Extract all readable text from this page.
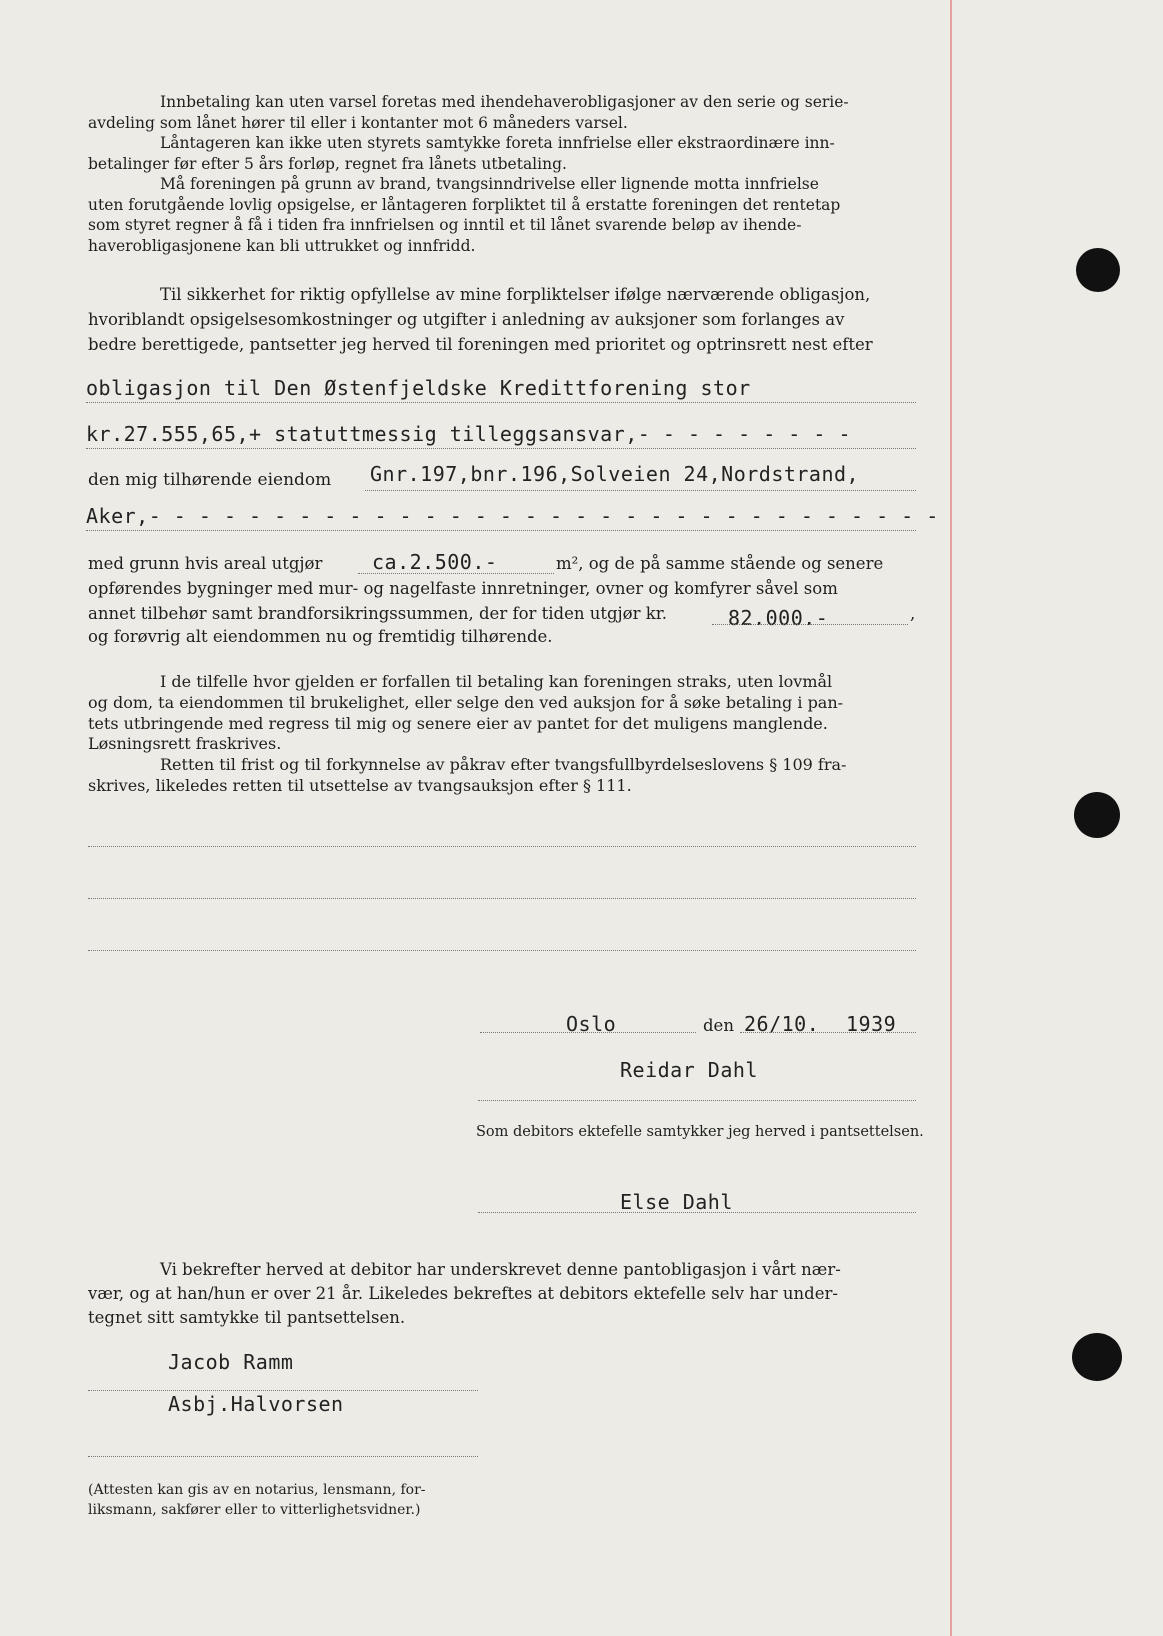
Innbetaling kan uten varsel foretas med ihendehaverobligasjoner av den serie og serie-
avdeling som lånet hører til eller i kontanter mot 6 måneders varsel.
Låntageren kan ikke uten styrets samtykke foreta innfrielse eller ekstraordinære inn-
betalinger før efter 5 års forløp, regnet fra lånets utbetaling.
Må foreningen på grunn av brand, tvangsinndrivelse eller lignende motta innfrielse
uten forutgående lovlig opsigelse, er låntageren forpliktet til å erstatte foreningen det rentetap
som styret regner å få i tiden fra innfrielsen og inntil et til lånet svarende beløp av ihende-
haverobligasjonene kan bli uttrukket og innfridd.
Til sikkerhet for riktig opfyllelse av mine forpliktelser ifølge nærværende obligasjon,
hvoriblandt opsigelsesomkostninger og utgifter i anledning av auksjoner som forlanges av
bedre berettigede, pantsetter jeg herved til foreningen med prioritet og optrinsrett nest efter
obligasjon til Den Østenfjeldske Kredittforening stor
kr.27.555,65,+ statuttmessig tilleggsansvar,- - - - - - - - -
den mig tilhørende eiendom Gnr.197,bnr.196,Solveien 24,Nordstrand,
Aker,- - - - - - - - - - - - - - - - - - - - - - - - - - - - - - - -
med grunn hvis areal utgjør ca.2.500.-	m², og de på samme stående og senere
opførendes bygninger med mur- og nagelfaste innretninger, ovner og komfyrer såvel som
annet tilbehør samt brandforsikringssummen, der for tiden utgjør kr.	82.000.-	,
og forøvrig alt eiendommen nu og fremtidig tilhørende.
I de tilfelle hvor gjelden er forfallen til betaling kan foreningen straks, uten lovmål
og dom, ta eiendommen til brukelighet, eller selge den ved auksjon for å søke betaling i pan-
tets utbringende med regress til mig og senere eier av pantet for det muligens manglende.
Løsningsrett fraskrives.
Retten til frist og til forkynnelse av påkrav efter tvangsfullbyrdelseslovens § 109 fra-
skrives, likeledes retten til utsettelse av tvangsauksjon efter § 111.
Oslo	den 26/10. 1939
Reidar Dahl
Som debitors ektefelle samtykker jeg herved i pantsettelsen.
Else Dahl
Vi bekrefter herved at debitor har underskrevet denne pantobligasjon i vårt nær-
vær, og at han/hun er over 21 år. Likeledes bekreftes at debitors ektefelle selv har under-
tegnet sitt samtykke til pantsettelsen.
Jacob Ramm
Asbj.Halvorsen
(Attesten kan gis av en notarius, lensmann, for-
liksmann, sakfører eller to vitterlighetsvidner.)
